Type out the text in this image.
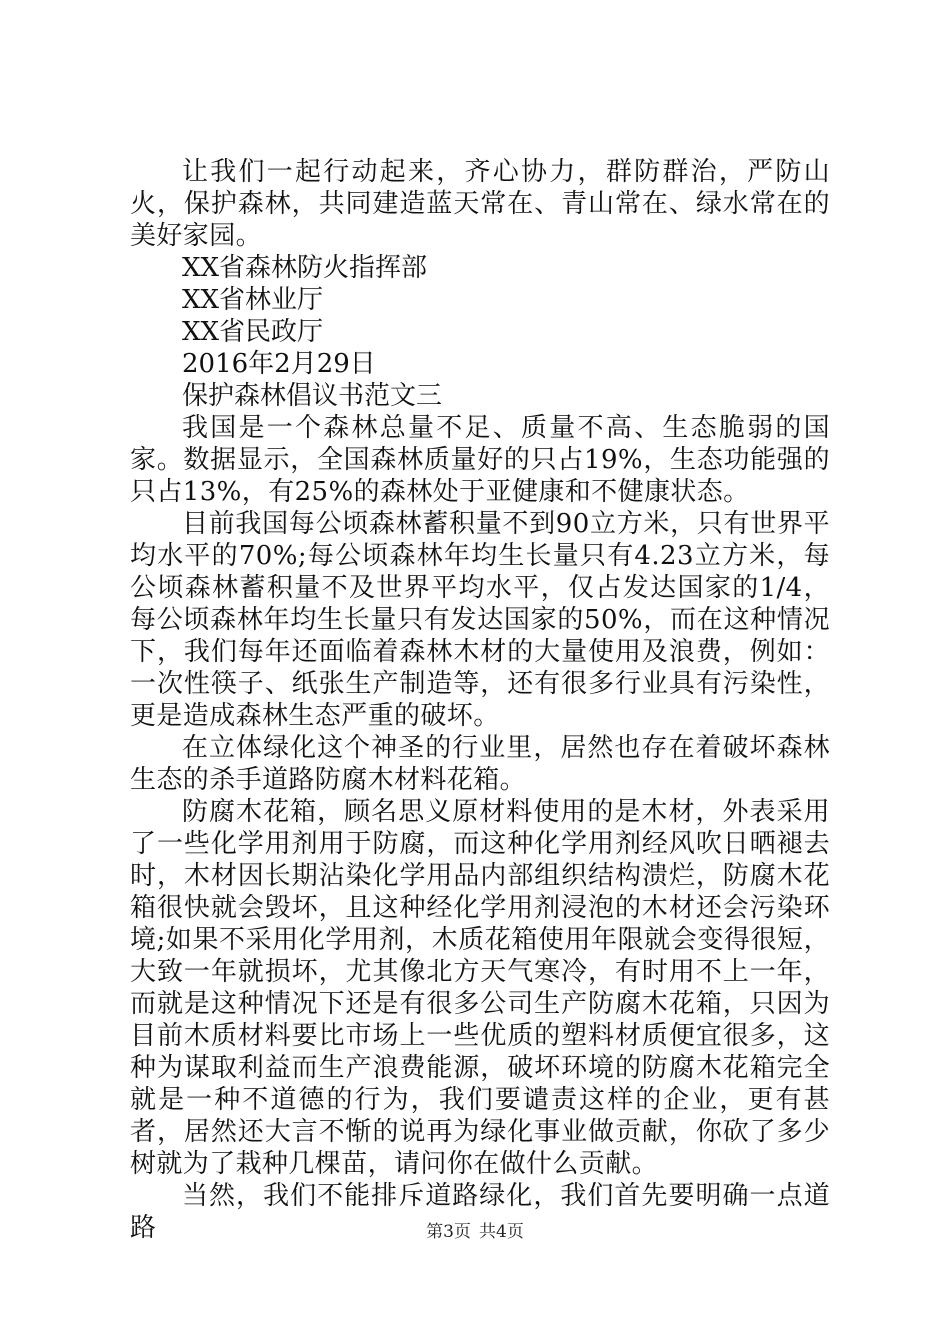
让我们一起行动起来，齐心协力，群防群治，严防山火，保护森林，共同建造蓝天常在、青山常在、绿水常在的美好家园。

XX省森林防火指挥部

XX省林业厅

XX省民政厅

2016年2月29日

保护森林倡议书范文三

我国是一个森林总量不足、质量不高、生态脆弱的国家。数据显示，全国森林质量好的只占19%，生态功能强的只占13%，有25%的森林处于亚健康和不健康状态。

目前我国每公顷森林蓄积量不到90立方米，只有世界平均水平的70%;每公顷森林年均生长量只有4.23立方米，每公顷森林蓄积量不及世界平均水平，仅占发达国家的1/4，每公顷森林年均生长量只有发达国家的50%，而在这种情况下，我们每年还面临着森林木材的大量使用及浪费，例如：一次性筷子、纸张生产制造等，还有很多行业具有污染性，更是造成森林生态严重的破坏。

在立体绿化这个神圣的行业里，居然也存在着破坏森林生态的杀手道路防腐木材料花箱。

防腐木花箱，顾名思义原材料使用的是木材，外表采用了一些化学用剂用于防腐，而这种化学用剂经风吹日晒褪去时，木材因长期沾染化学用品内部组织结构溃烂，防腐木花箱很快就会毁坏，且这种经化学用剂浸泡的木材还会污染环境;如果不采用化学用剂，木质花箱使用年限就会变得很短，大致一年就损坏，尤其像北方天气寒冷，有时用不上一年，而就是这种情况下还是有很多公司生产防腐木花箱，只因为目前木质材料要比市场上一些优质的塑料材质便宜很多，这种为谋取利益而生产浪费能源，破坏环境的防腐木花箱完全就是一种不道德的行为，我们要谴责这样的企业，更有甚者，居然还大言不惭的说再为绿化事业做贡献，你砍了多少树就为了栽种几棵苗，请问你在做什么贡献。

当然，我们不能排斥道路绿化，我们首先要明确一点道路	第3页 共4页
